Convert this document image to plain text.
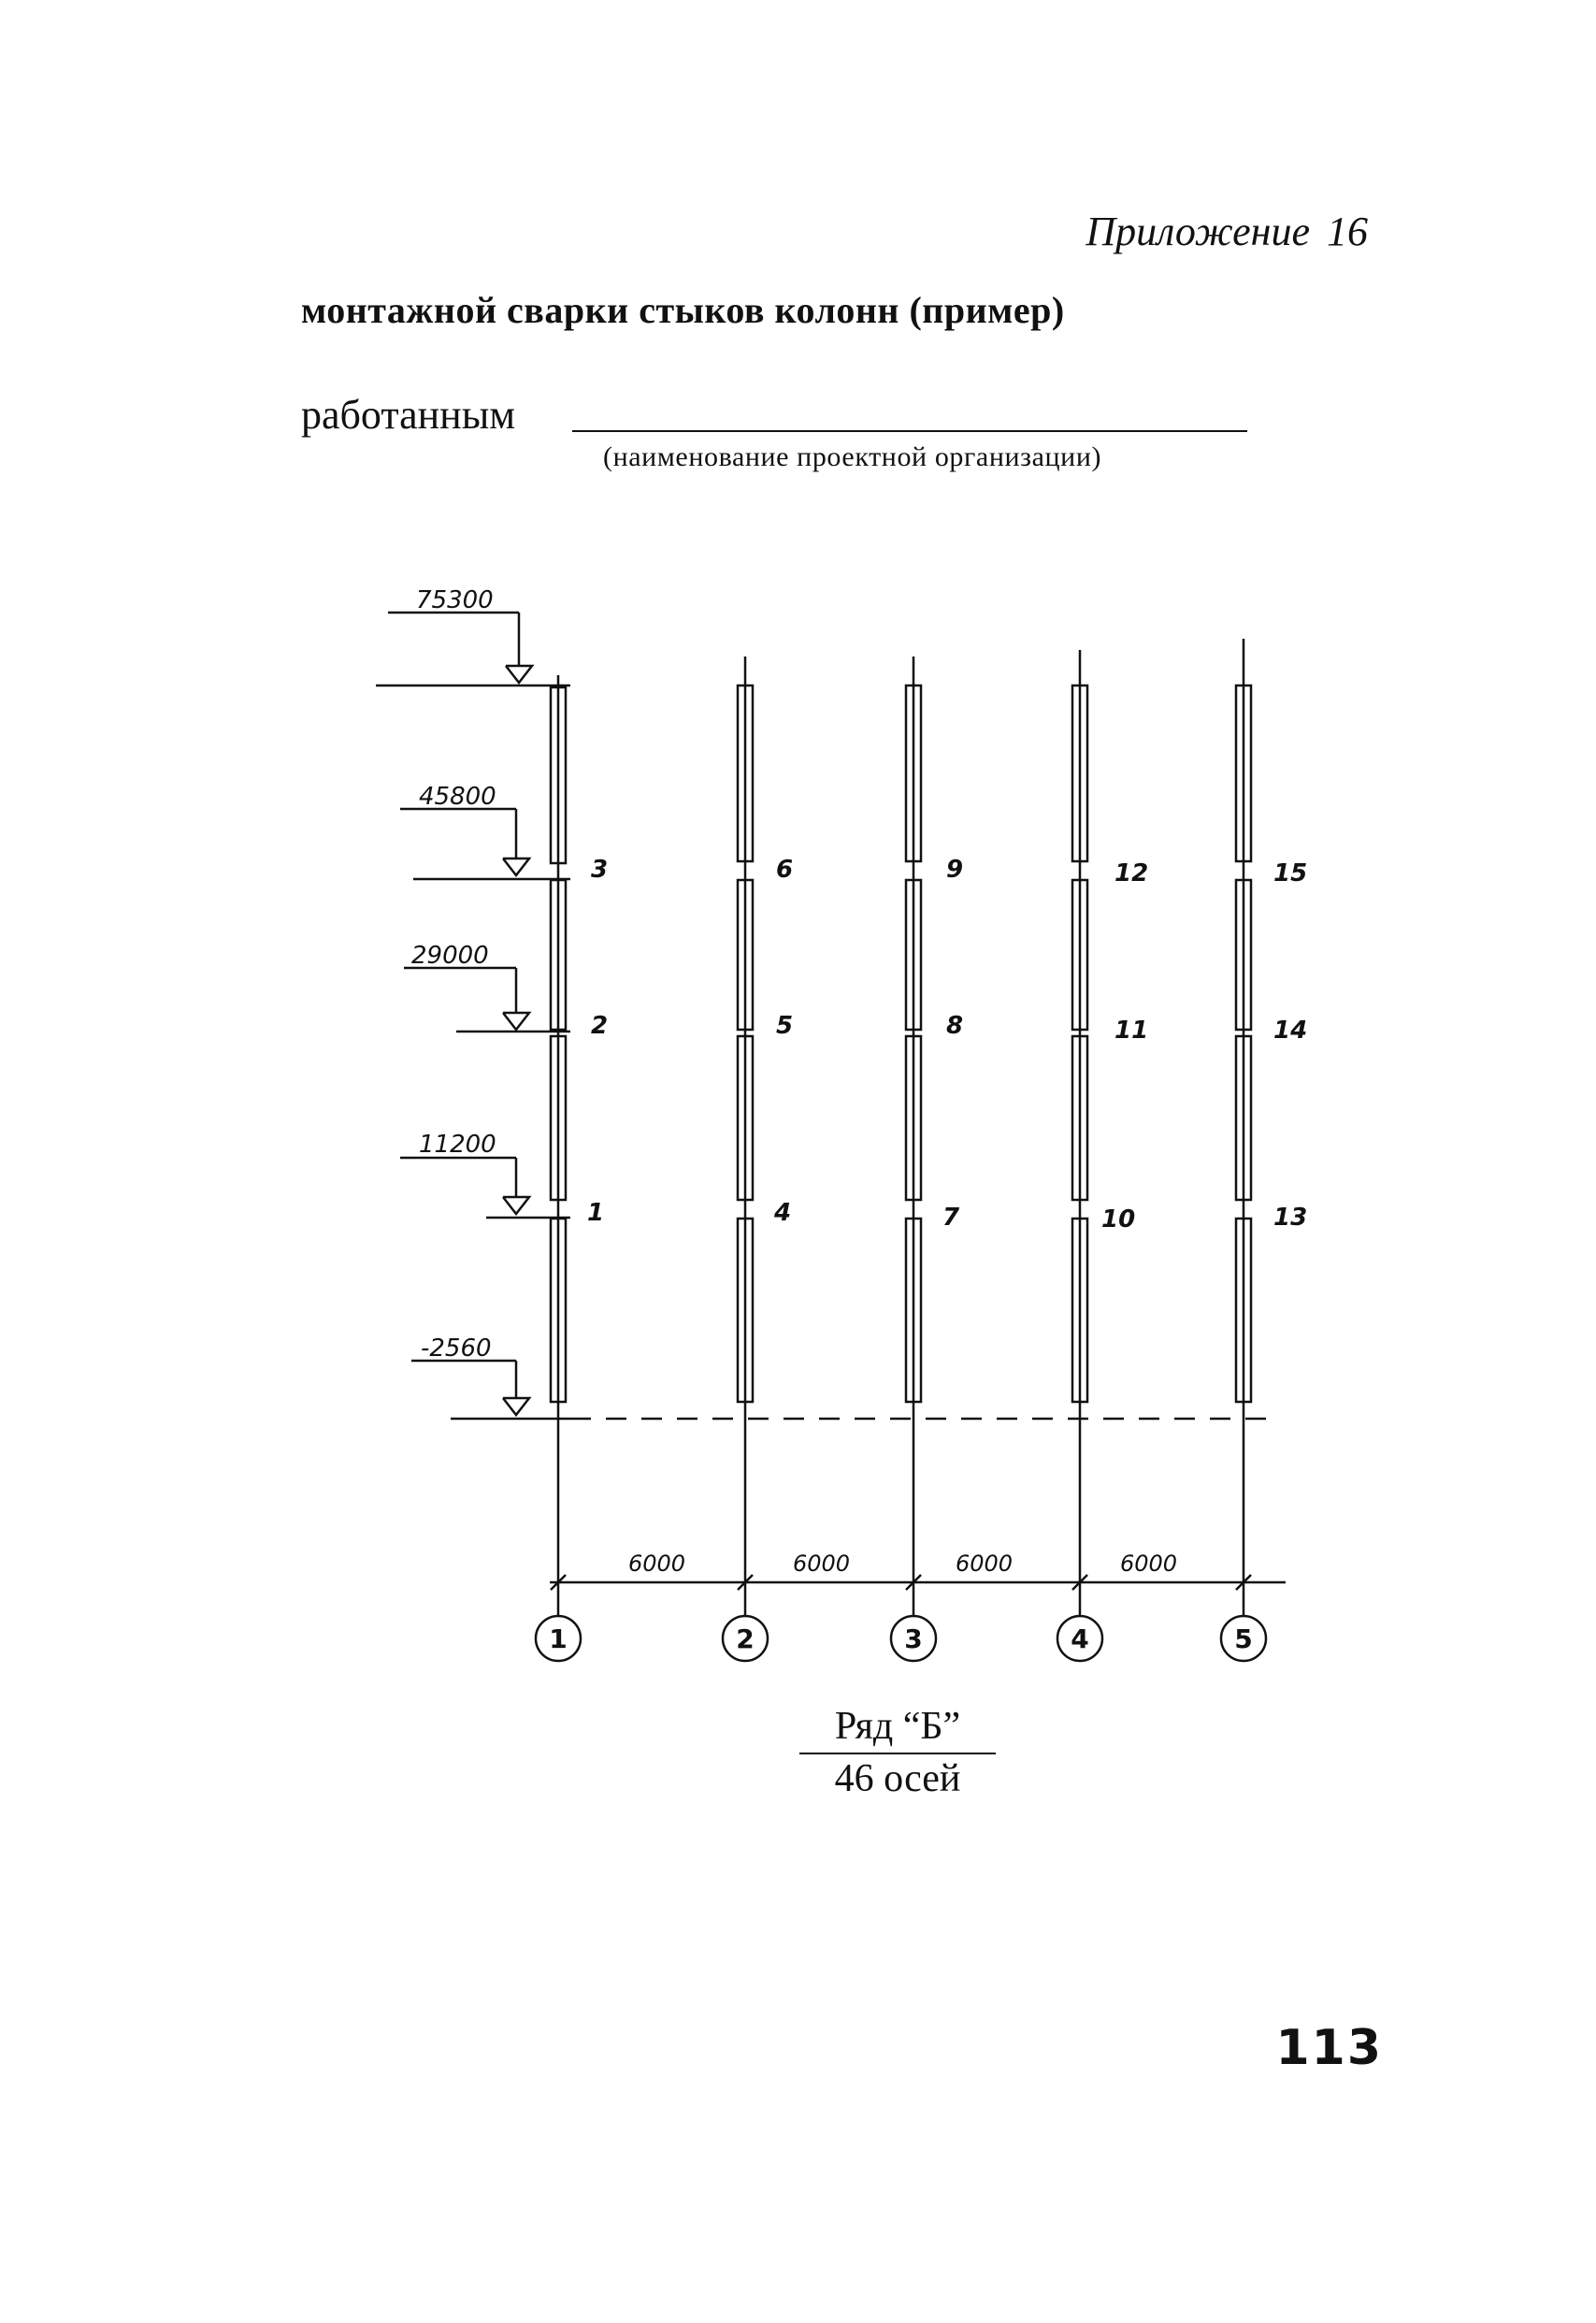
Приложение 16
монтажной сварки стыков колонн (пример)
работанным
(наименование проектной организации)
75300
45800
29000
11200
-2560
3
2
1
6
5
4
9
8
7
12
11
10
15
14
13
6000	6000	6000	6000
1	2	3	4	5
Ряд “Б”
46 осей
113
